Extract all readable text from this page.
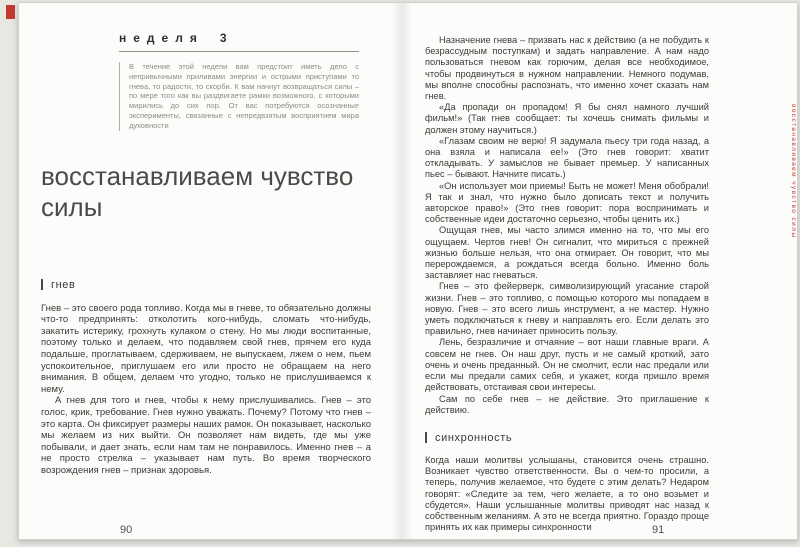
неделя 3
В течение этой недели вам предстоит иметь дело с непривычными приливами энергии и острыми приступами то гнева, то радости, то скорби. К вам начнут возвращаться силы – по мере того как вы раздвигаете рамки возможного, с которыми мирились до сих пор. От вас потребуются осознанные эксперименты, связанные с непредвзятым восприятием мира духовности
восстанавливаем чувство силы
гнев

Гнев – это своего рода топливо. Когда мы в гневе, то обязательно должны что-то предпринять: отколотить кого-нибудь, сломать что-нибудь, закатить истерику, грохнуть кулаком о стену. Но мы люди воспитанные, поэтому только и делаем, что подавляем свой гнев, прячем его куда подальше, проглатываем, сдерживаем, не выпускаем, лжем о нем, пьем успокоительное, приглушаем его или просто не обращаем на него внимания. В общем, делаем что угодно, только не прислушиваемся к нему.

А гнев для того и гнев, чтобы к нему прислушивались. Гнев – это голос, крик, требование. Гнев нужно уважать. Почему? Потому что гнев – это карта. Он фиксирует размеры наших рамок. Он показывает, насколько мы желаем из них выйти. Он позволяет нам видеть, где мы уже побывали, и дает знать, если нам там не понравилось. Именно гнев – а не просто стрелка – указывает нам путь. Во время творческого возрождения гнев – признак здоровья.

Назначение гнева – призвать нас к действию (а не побудить к безрассудным поступкам) и задать направление. А нам надо пользоваться гневом как горючим, делая все необходимое, чтобы продвинуться в нужном направлении. Немного подумав, мы вполне способны распознать, что именно хочет сказать нам гнев.

«Да пропади он пропадом! Я бы снял намного лучший фильм!» (Так гнев сообщает: ты хочешь снимать фильмы и должен этому научиться.)

«Глазам своим не верю! Я задумала пьесу три года назад, а она взяла и написала ее!» (Это гнев говорит: хватит откладывать. У замыслов не бывает премьер. У написанных пьес – бывают. Начните писать.)

«Он использует мои приемы! Быть не может! Меня обобрали! Я так и знал, что нужно было дописать текст и получить авторское право!» (Это гнев говорит: пора воспринимать и собственные идеи достаточно серьезно, чтобы ценить их.)

Ощущая гнев, мы часто злимся именно на то, что мы его ощущаем. Чертов гнев! Он сигналит, что мириться с прежней жизнью больше нельзя, что она отмирает. Он говорит, что мы перерождаемся, а рождаться всегда больно. Именно боль заставляет нас гневаться.

Гнев – это фейерверк, символизирующий угасание старой жизни. Гнев – это топливо, с помощью которого мы попадаем в новую. Гнев – это всего лишь инструмент, а не мастер. Нужно уметь подключаться к гневу и направлять его. Если делать это правильно, гнев начинает приносить пользу.

Лень, безразличие и отчаяние – вот наши главные враги. А совсем не гнев. Он наш друг, пусть и не самый кроткий, зато очень и очень преданный. Он не смолчит, если нас предали или если мы предали самих себя, и укажет, когда пришло время действовать, отстаивая свои интересы.

Сам по себе гнев – не действие. Это приглашение к действию.

синхронность

Когда наши молитвы услышаны, становится очень страшно. Возникает чувство ответственности. Вы о чем-то просили, а теперь, получив желаемое, что будете с этим делать? Недаром говорят: «Следите за тем, чего желаете, а то оно возьмет и сбудется». Наши услышанные молитвы приводят нас назад к собственным желаниям. А это не всегда приятно. Гораздо проще принять их как примеры синхронности

90	91
восстанавливаем чувство силы
